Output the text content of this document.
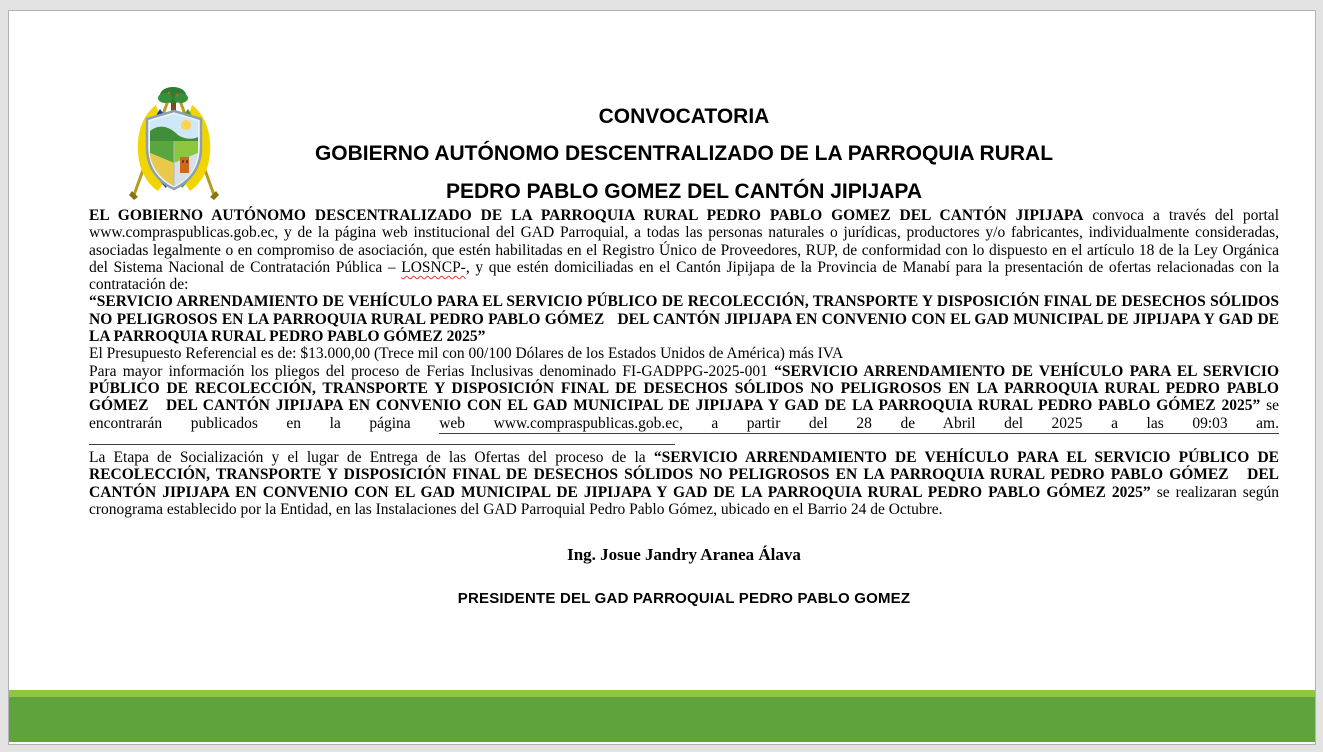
CONVOCATORIA
GOBIERNO AUTÓNOMO DESCENTRALIZADO DE LA PARROQUIA RURAL
PEDRO PABLO GOMEZ DEL CANTÓN JIPIJAPA

EL GOBIERNO AUTÓNOMO DESCENTRALIZADO DE LA PARROQUIA RURAL PEDRO PABLO GOMEZ DEL CANTÓN JIPIJAPA convoca a través del portal www.compraspublicas.gob.ec, y de la página web institucional del GAD Parroquial, a todas las personas naturales o jurídicas, productores y/o fabricantes, individualmente consideradas, asociadas legalmente o en compromiso de asociación, que estén habilitadas en el Registro Único de Proveedores, RUP, de conformidad con lo dispuesto en el artículo 18 de la Ley Orgánica del Sistema Nacional de Contratación Pública – LOSNCP-, y que estén domiciliadas en el Cantón Jipijapa de la Provincia de Manabí para la presentación de ofertas relacionadas con la contratación de:

“SERVICIO ARRENDAMIENTO DE VEHÍCULO PARA EL SERVICIO PÚBLICO DE RECOLECCIÓN, TRANSPORTE Y DISPOSICIÓN FINAL DE DESECHOS SÓLIDOS NO PELIGROSOS EN LA PARROQUIA RURAL PEDRO PABLO GÓMEZ   DEL CANTÓN JIPIJAPA EN CONVENIO CON EL GAD MUNICIPAL DE JIPIJAPA Y GAD DE LA PARROQUIA RURAL PEDRO PABLO GÓMEZ 2025”

El Presupuesto Referencial es de: $13.000,00 (Trece mil con 00/100 Dólares de los Estados Unidos de América) más IVA

Para mayor información los pliegos del proceso de Ferias Inclusivas denominado FI-GADPPG-2025-001 “SERVICIO ARRENDAMIENTO DE VEHÍCULO PARA EL SERVICIO PÚBLICO DE RECOLECCIÓN, TRANSPORTE Y DISPOSICIÓN FINAL DE DESECHOS SÓLIDOS NO PELIGROSOS EN LA PARROQUIA RURAL PEDRO PABLO GÓMEZ   DEL CANTÓN JIPIJAPA EN CONVENIO CON EL GAD MUNICIPAL DE JIPIJAPA Y GAD DE LA PARROQUIA RURAL PEDRO PABLO GÓMEZ 2025” se encontrarán publicados en la página web www.compraspublicas.gob.ec, a partir del 28 de Abril del 2025 a las 09:03 am.

La Etapa de Socialización y el lugar de Entrega de las Ofertas del proceso de la “SERVICIO ARRENDAMIENTO DE VEHÍCULO PARA EL SERVICIO PÚBLICO DE RECOLECCIÓN, TRANSPORTE Y DISPOSICIÓN FINAL DE DESECHOS SÓLIDOS NO PELIGROSOS EN LA PARROQUIA RURAL PEDRO PABLO GÓMEZ   DEL CANTÓN JIPIJAPA EN CONVENIO CON EL GAD MUNICIPAL DE JIPIJAPA Y GAD DE LA PARROQUIA RURAL PEDRO PABLO GÓMEZ 2025” se realizaran según cronograma establecido por la Entidad, en las Instalaciones del GAD Parroquial Pedro Pablo Gómez, ubicado en el Barrio 24 de Octubre.

Ing. Josue Jandry Aranea Álava
PRESIDENTE DEL GAD PARROQUIAL PEDRO PABLO GOMEZ
